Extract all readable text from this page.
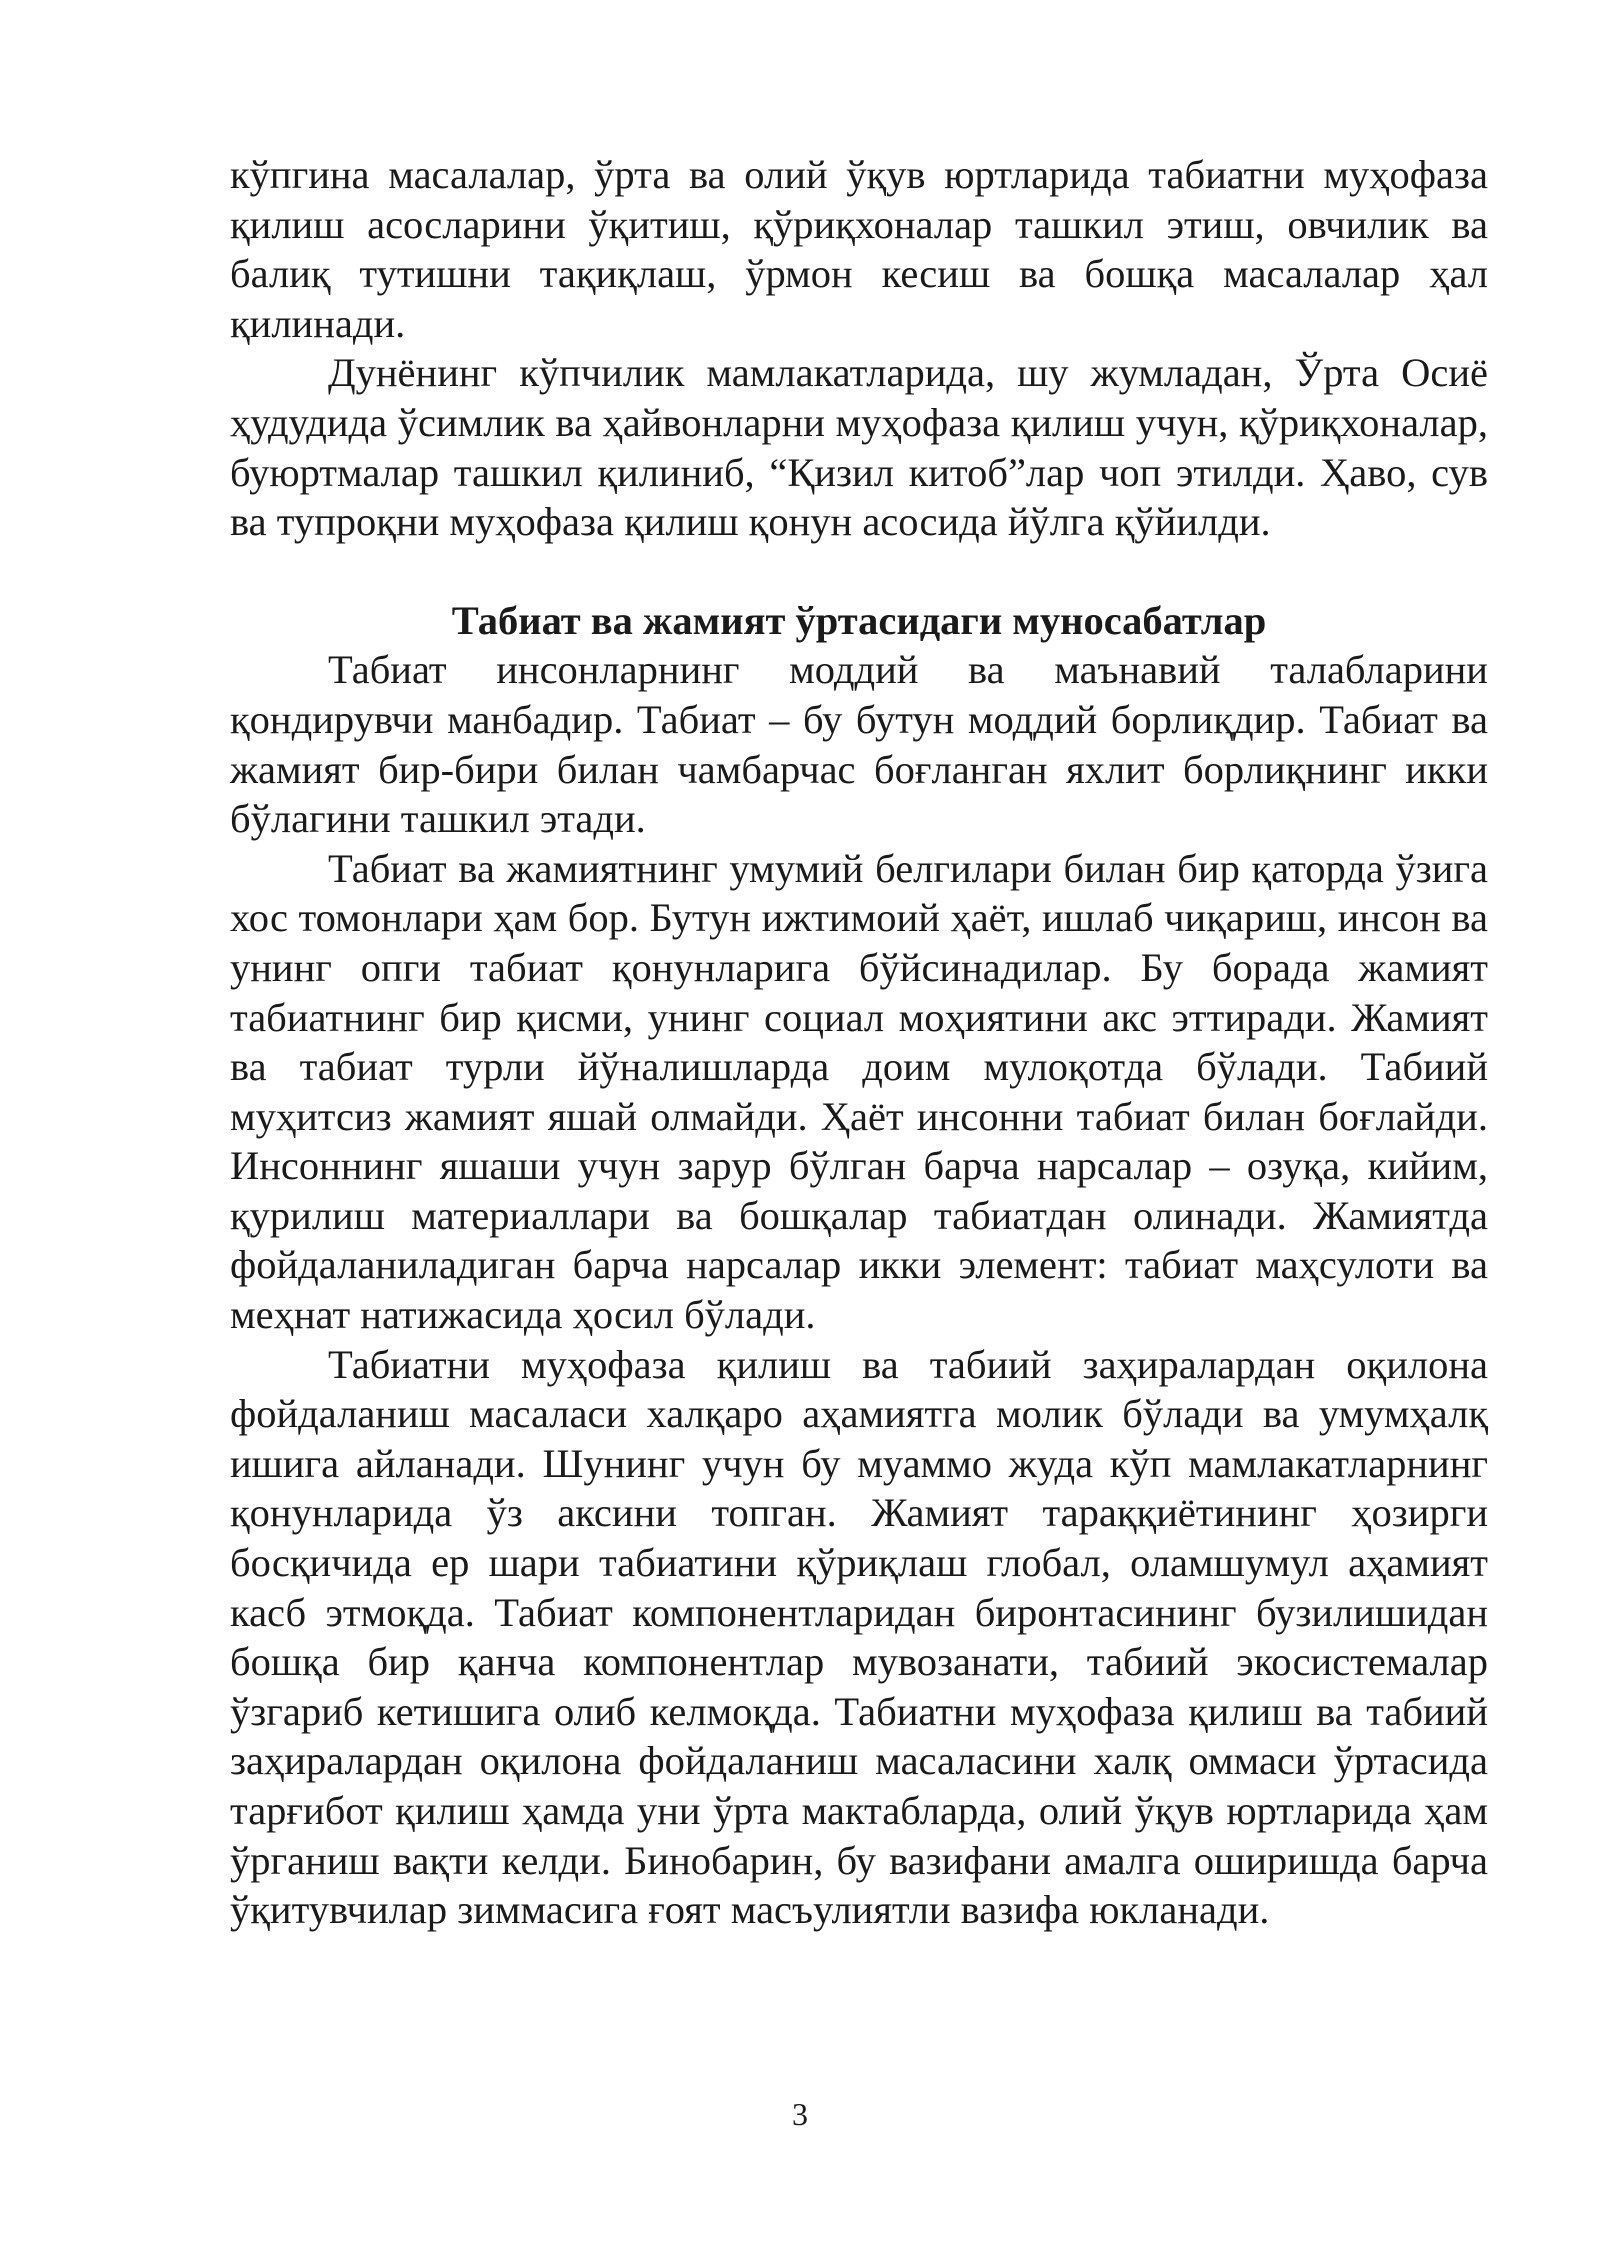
кўпгина масалалар, ўрта ва олий ўқув юртларида табиатни муҳофаза қилиш асосларини ўқитиш, қўриқхоналар ташкил этиш, овчилик ва балиқ тутишни тақиқлаш, ўрмон кесиш ва бошқа масалалар ҳал қилинади.

Дунёнинг кўпчилик мамлакатларида, шу жумладан, Ўрта Осиё ҳудудида ўсимлик ва ҳайвонларни муҳофаза қилиш учун, қўриқхоналар, буюртмалар ташкил қилиниб, “Қизил китоб”лар чоп этилди. Ҳаво, сув ва тупроқни муҳофаза қилиш қонун асосида йўлга қўйилди.

Табиат ва жамият ўртасидаги муносабатлар

Табиат инсонларнинг моддий ва маънавий талабларини қондирувчи манбадир. Табиат – бу бутун моддий борлиқдир. Табиат ва жамият бир-бири билан чамбарчас боғланган яхлит борлиқнинг икки бўлагини ташкил этади.

Табиат ва жамиятнинг умумий белгилари билан бир қаторда ўзига хос томонлари ҳам бор. Бутун ижтимоий ҳаёт, ишлаб чиқариш, инсон ва унинг опги табиат қонунларига бўйсинадилар. Бу борада жамият табиатнинг бир қисми, унинг социал моҳиятини акс эттиради. Жамият ва табиат турли йўналишларда доим мулоқотда бўлади. Табиий муҳитсиз жамият яшай олмайди. Ҳаёт инсонни табиат билан боғлайди. Инсоннинг яшаши учун зарур бўлган барча нарсалар – озуқа, кийим, қурилиш материаллари ва бошқалар табиатдан олинади. Жамиятда фойдаланиладиган барча нарсалар икки элемент: табиат маҳсулоти ва меҳнат натижасида ҳосил бўлади.

Табиатни муҳофаза қилиш ва табиий заҳиралардан оқилона фойдаланиш масаласи халқаро аҳамиятга молик бўлади ва умумҳалқ ишига айланади. Шунинг учун бу муаммо жуда кўп мамлакатларнинг қонунларида ўз аксини топган. Жамият тараққиётининг ҳозирги босқичида ер шари табиатини қўриқлаш глобал, оламшумул аҳамият касб этмоқда. Табиат компонентларидан биронтасининг бузилишидан бошқа бир қанча компонентлар мувозанати, табиий экосистемалар ўзгариб кетишига олиб келмоқда. Табиатни муҳофаза қилиш ва табиий заҳиралардан оқилона фойдаланиш масаласини халқ оммаси ўртасида тарғибот қилиш ҳамда уни ўрта мактабларда, олий ўқув юртларида ҳам ўрганиш вақти келди. Бинобарин, бу вазифани амалга оширишда барча ўқитувчилар зиммасига ғоят масъулиятли вазифа юкланади.

3
